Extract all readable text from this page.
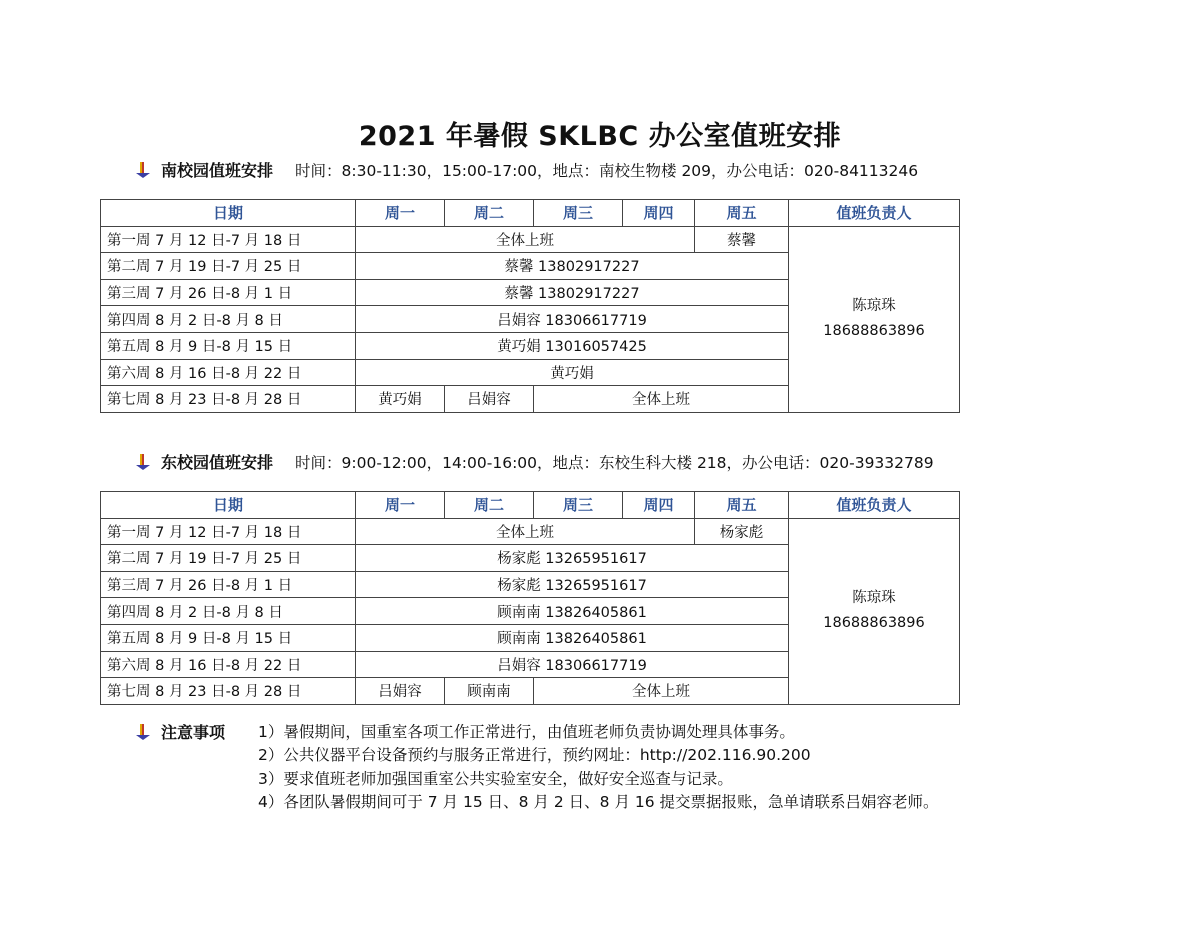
2021 年暑假 SKLBC 办公室值班安排
南校园值班安排 时间：8:30-11:30，15:00-17:00，地点：南校生物楼 209，办公电话：020-84113246
日期	周一	周二	周三	周四	周五	值班负责人
第一周 7 月 12 日-7 月 18 日	全体上班				蔡馨	陈琼珠
18688863896

第二周 7 月 19 日-7 月 25 日	蔡馨 13802917227					
第三周 7 月 26 日-8 月 1 日	蔡馨 13802917227					
第四周 8 月 2 日-8 月 8 日	吕娟容 18306617719					
第五周 8 月 9 日-8 月 15 日	黄巧娟 13016057425					
第六周 8 月 16 日-8 月 22 日	黄巧娟					
第七周 8 月 23 日-8 月 28 日	黄巧娟	吕娟容	全体上班			
东校园值班安排 时间：9:00-12:00，14:00-16:00，地点：东校生科大楼 218，办公电话：020-39332789
日期	周一	周二	周三	周四	周五	值班负责人
第一周 7 月 12 日-7 月 18 日	全体上班				杨家彪	陈琼珠
18688863896

第二周 7 月 19 日-7 月 25 日	杨家彪 13265951617					
第三周 7 月 26 日-8 月 1 日	杨家彪 13265951617					
第四周 8 月 2 日-8 月 8 日	顾南南 13826405861					
第五周 8 月 9 日-8 月 15 日	顾南南 13826405861					
第六周 8 月 16 日-8 月 22 日	吕娟容 18306617719					
第七周 8 月 23 日-8 月 28 日	吕娟容	顾南南	全体上班			
注意事项 1）暑假期间，国重室各项工作正常进行，由值班老师负责协调处理具体事务。
2）公共仪器平台设备预约与服务正常进行，预约网址：http://202.116.90.200
3）要求值班老师加强国重室公共实验室安全，做好安全巡查与记录。
4）各团队暑假期间可于 7 月 15 日、8 月 2 日、8 月 16 提交票据报账，急单请联系吕娟容老师。
